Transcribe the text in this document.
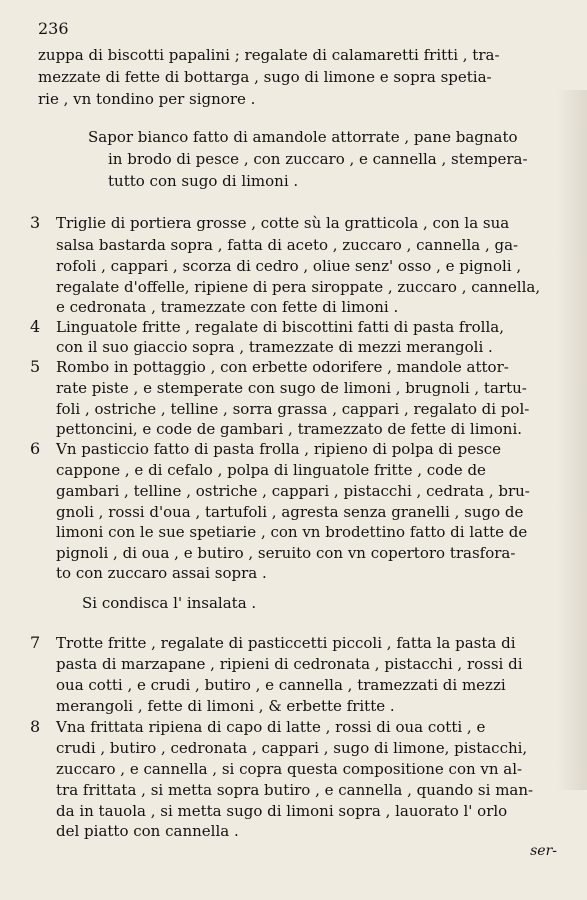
236
zuppa di biscotti papalini ; regalate di calamaretti fritti , tra-
mezzate di fette di bottarga , sugo di limone e sopra spetia-
rie , vn tondino per signore .
Sapor bianco fatto di amandole attorrate , pane bagnato
in brodo di pesce , con zuccaro , e cannella , stempera-
tutto con sugo di limoni .
3 Triglie di portiera grosse , cotte sù la gratticola , con la sua
salsa bastarda sopra , fatta di aceto , zuccaro , cannella , ga-
rofoli , cappari , scorza di cedro , oliue senz' osso , e pignoli ,
regalate d'offelle, ripiene di pera siroppate , zuccaro , cannella,
e cedronata , tramezzate con fette di limoni .
4 Linguatole fritte , regalate di biscottini fatti di pasta frolla,
con il suo giaccio sopra , tramezzate di mezzi merangoli .
5 Rombo in pottaggio , con erbette odorifere , mandole attor-
rate piste , e stemperate con sugo de limoni , brugnoli , tartu-
foli , ostriche , telline , sorra grassa , cappari , regalato di pol-
pettoncini, e code de gambari , tramezzato de fette di limoni.
6 Vn pasticcio fatto di pasta frolla , ripieno di polpa di pesce
cappone , e di cefalo , polpa di linguatole fritte , code de
gambari , telline , ostriche , cappari , pistacchi , cedrata , bru-
gnoli , rossi d'oua , tartufoli , agresta senza granelli , sugo de
limoni con le sue spetiarie , con vn brodettino fatto di latte de
pignoli , di oua , e butiro , seruito con vn copertoro trasfora-
to con zuccaro assai sopra .
Si condisca l' insalata .
7 Trotte fritte , regalate di pasticcetti piccoli , fatta la pasta di
pasta di marzapane , ripieni di cedronata , pistacchi , rossi di
oua cotti , e crudi , butiro , e cannella , tramezzati di mezzi
merangoli , fette di limoni , & erbette fritte .
8 Vna frittata ripiena di capo di latte , rossi di oua cotti , e
crudi , butiro , cedronata , cappari , sugo di limone, pistacchi,
zuccaro , e cannella , si copra questa compositione con vn al-
tra frittata , si metta sopra butiro , e cannella , quando si man-
da in tauola , si metta sugo di limoni sopra , lauorato l' orlo
del piatto con cannella .
ser-
